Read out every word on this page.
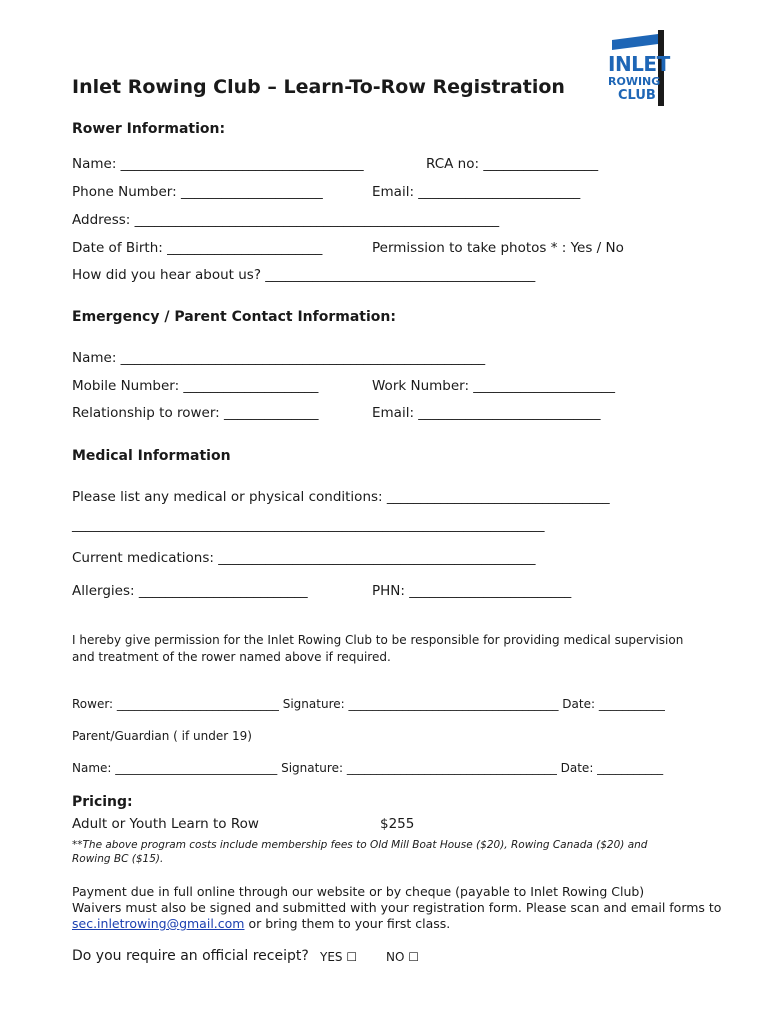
INLET
ROWING
CLUB
Inlet Rowing Club – Learn-To-Row Registration
Rower Information:
Name: ____________________________________	RCA no: _________________
Phone Number: _____________________	Email: ________________________
Address: ______________________________________________________
Date of Birth: _______________________	Permission to take photos * : Yes / No
How did you hear about us? ________________________________________
Emergency / Parent Contact Information:
Name: ______________________________________________________
Mobile Number: ____________________	Work Number: _____________________
Relationship to rower: ______________	Email: ___________________________
Medical Information
Please list any medical or physical conditions: _________________________________
______________________________________________________________________
Current medications: _______________________________________________
Allergies: _________________________	PHN: ________________________
I hereby give permission for the Inlet Rowing Club to be responsible for providing medical supervision
and treatment of the rower named above if required.
Rower: ___________________________ Signature: ___________________________________ Date: ___________
Parent/Guardian ( if under 19)
Name: ___________________________ Signature: ___________________________________ Date: ___________
Pricing:
Adult or Youth Learn to Row	$255
**The above program costs include membership fees to Old Mill Boat House ($20), Rowing Canada ($20) and
Rowing BC ($15).
Payment due in full online through our website or by cheque (payable to Inlet Rowing Club)
Waivers must also be signed and submitted with your registration form. Please scan and email forms to
sec.inletrowing@gmail.com or bring them to your first class.
Do you require an official receipt? YES ☐ NO ☐
